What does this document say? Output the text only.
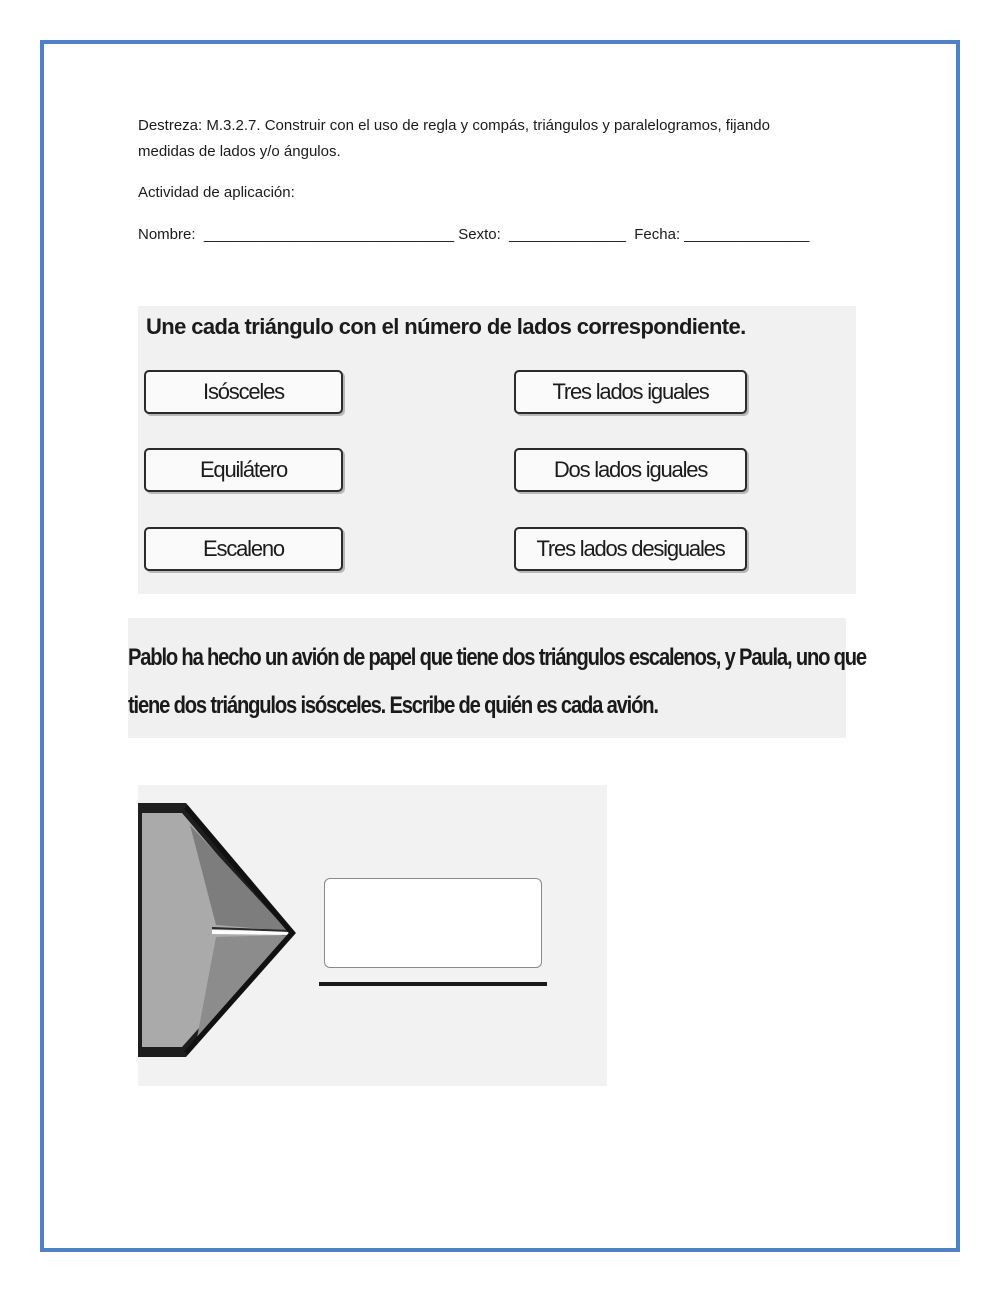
Destreza: M.3.2.7. Construir con el uso de regla y compás, triángulos y paralelogramos, fijando
medidas de lados y/o ángulos.
Actividad de aplicación:
Nombre:  ______________________________ Sexto:  ______________  Fecha: _______________
Une cada triángulo con el número de lados correspondiente.
Isósceles
Equilátero
Escaleno
Tres lados iguales
Dos lados iguales
Tres lados desiguales
Pablo ha hecho un avión de papel que tiene dos triángulos escalenos, y Paula, uno que
tiene dos triángulos isósceles. Escribe de quién es cada avión.
